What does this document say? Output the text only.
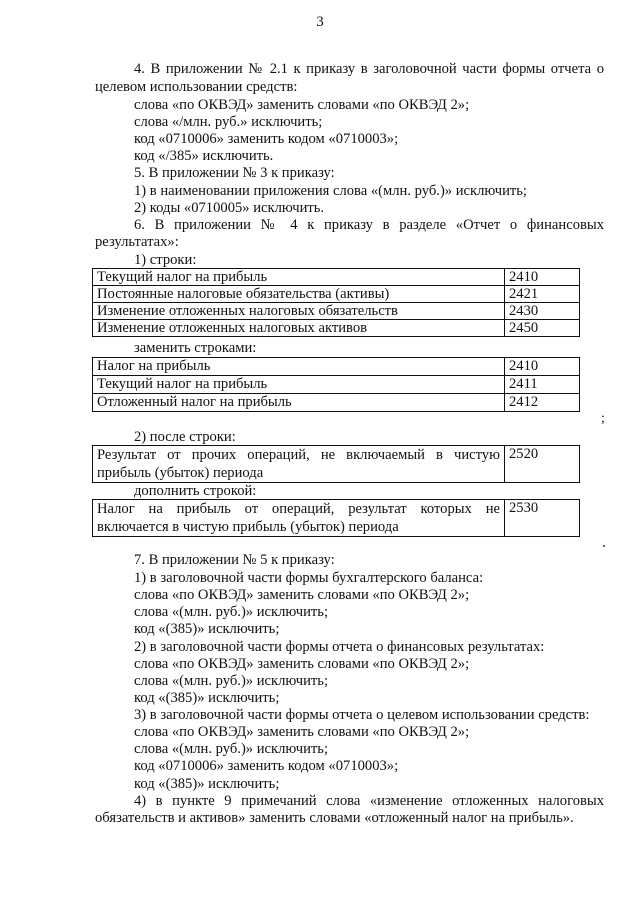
3
4. В приложении № 2.1 к приказу в заголовочной части формы отчета о
целевом использовании средств:
слова «по ОКВЭД» заменить словами «по ОКВЭД 2»;
слова «/млн. руб.» исключить;
код «0710006» заменить кодом «0710003»;
код «/385» исключить.
5. В приложении № 3 к приказу:
1) в наименовании приложения слова «(млн. руб.)» исключить;
2) коды «0710005» исключить.
6. В приложении № 4 к приказу в разделе «Отчет о финансовых
результатах»:
1) строки:
Текущий налог на прибыль	2410
Постоянные налоговые обязательства (активы)	2421
Изменение отложенных налоговых обязательств	2430
Изменение отложенных налоговых активов	2450
заменить строками:
Налог на прибыль	2410
Текущий налог на прибыль	2411
Отложенный налог на прибыль	2412
;
2) после строки:
Результат от прочих операций, не включаемый в чистую
прибыль (убыток) периода
	2520
дополнить строкой:
Налог на прибыль от операций, результат которых не
включается в чистую прибыль (убыток) периода
	2530
7. В приложении № 5 к приказу:
1) в заголовочной части формы бухгалтерского баланса:
слова «по ОКВЭД» заменить словами «по ОКВЭД 2»;
слова «(млн. руб.)» исключить;
код «(385)» исключить;
2) в заголовочной части формы отчета о финансовых результатах:
слова «по ОКВЭД» заменить словами «по ОКВЭД 2»;
слова «(млн. руб.)» исключить;
код «(385)» исключить;
3) в заголовочной части формы отчета о целевом использовании средств:
слова «по ОКВЭД» заменить словами «по ОКВЭД 2»;
слова «(млн. руб.)» исключить;
код «0710006» заменить кодом «0710003»;
код «(385)» исключить;
4) в пункте 9 примечаний слова «изменение отложенных налоговых
обязательств и активов» заменить словами «отложенный налог на прибыль».
